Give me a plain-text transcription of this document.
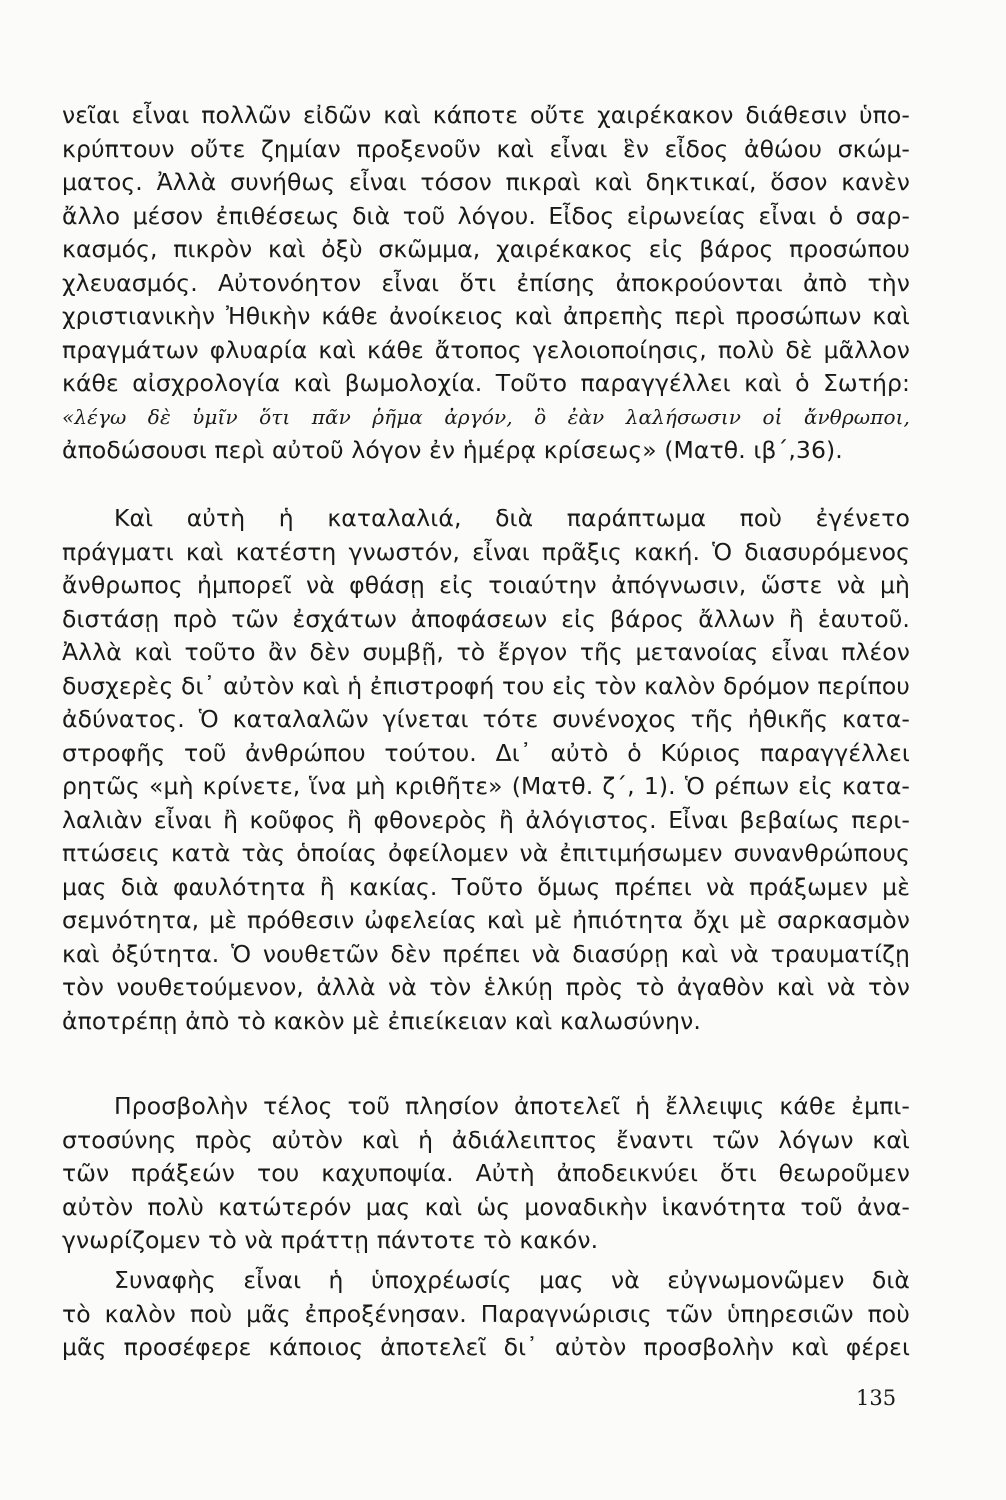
νεῖαι εἶναι πολλῶν εἰδῶν καὶ κάποτε οὔτε χαιρέκακον διάθεσιν ὑπο-
κρύπτουν οὔτε ζημίαν προξενοῦν καὶ εἶναι ἓν εἶδος ἀθώου σκώμ-
ματος. Ἀλλὰ συνήθως εἶναι τόσον πικραὶ καὶ δηκτικαί, ὅσον κανὲν
ἄλλο μέσον ἐπιθέσεως διὰ τοῦ λόγου. Εἶδος εἰρωνείας εἶναι ὁ σαρ-
κασμός, πικρὸν καὶ ὀξὺ σκῶμμα, χαιρέκακος εἰς βάρος προσώπου
χλευασμός. Αὐτονόητον εἶναι ὅτι ἐπίσης ἀποκρούονται ἀπὸ τὴν
χριστιανικὴν Ἠθικὴν κάθε ἀνοίκειος καὶ ἀπρεπὴς περὶ προσώπων καὶ
πραγμάτων φλυαρία καὶ κάθε ἄτοπος γελοιοποίησις, πολὺ δὲ μᾶλλον
κάθε αἰσχρολογία καὶ βωμολοχία. Τοῦτο παραγγέλλει καὶ ὁ Σωτήρ:
«λέγω δὲ ὑμῖν ὅτι πᾶν ῥῆμα ἀργόν, ὃ ἐὰν λαλήσωσιν οἱ ἄνθρωποι,
ἀποδώσουσι περὶ αὐτοῦ λόγον ἐν ἡμέρᾳ κρίσεως» (Ματθ. ιβ΄,36).
Καὶ αὐτὴ ἡ καταλαλιά, διὰ παράπτωμα ποὺ ἐγένετο
πράγματι καὶ κατέστη γνωστόν, εἶναι πρᾶξις κακή. Ὁ διασυρόμενος
ἄνθρωπος ἠμπορεῖ νὰ φθάσῃ εἰς τοιαύτην ἀπόγνωσιν, ὥστε νὰ μὴ
διστάσῃ πρὸ τῶν ἐσχάτων ἀποφάσεων εἰς βάρος ἄλλων ἢ ἑαυτοῦ.
Ἀλλὰ καὶ τοῦτο ἂν δὲν συμβῇ, τὸ ἔργον τῆς μετανοίας εἶναι πλέον
δυσχερὲς δι᾽ αὐτὸν καὶ ἡ ἐπιστροφή του εἰς τὸν καλὸν δρόμον περίπου
ἀδύνατος. Ὁ καταλαλῶν γίνεται τότε συνένοχος τῆς ἠθικῆς κατα-
στροφῆς τοῦ ἀνθρώπου τούτου. Δι᾽ αὐτὸ ὁ Κύριος παραγγέλλει
ρητῶς «μὴ κρίνετε, ἵνα μὴ κριθῆτε» (Ματθ. ζ΄, 1). Ὁ ρέπων εἰς κατα-
λαλιὰν εἶναι ἢ κοῦφος ἢ φθονερὸς ἢ ἀλόγιστος. Εἶναι βεβαίως περι-
πτώσεις κατὰ τὰς ὁποίας ὀφείλομεν νὰ ἐπιτιμήσωμεν συνανθρώπους
μας διὰ φαυλότητα ἢ κακίας. Τοῦτο ὅμως πρέπει νὰ πράξωμεν μὲ
σεμνότητα, μὲ πρόθεσιν ὠφελείας καὶ μὲ ἠπιότητα ὄχι μὲ σαρκασμὸν
καὶ ὀξύτητα. Ὁ νουθετῶν δὲν πρέπει νὰ διασύρῃ καὶ νὰ τραυματίζῃ
τὸν νουθετούμενον, ἀλλὰ νὰ τὸν ἑλκύῃ πρὸς τὸ ἀγαθὸν καὶ νὰ τὸν
ἀποτρέπῃ ἀπὸ τὸ κακὸν μὲ ἐπιείκειαν καὶ καλωσύνην.
Προσβολὴν τέλος τοῦ πλησίον ἀποτελεῖ ἡ ἔλλειψις κάθε ἐμπι-
στοσύνης πρὸς αὐτὸν καὶ ἡ ἀδιάλειπτος ἔναντι τῶν λόγων καὶ
τῶν πράξεών του καχυποψία. Αὐτὴ ἀποδεικνύει ὅτι θεωροῦμεν
αὐτὸν πολὺ κατώτερόν μας καὶ ὡς μοναδικὴν ἱκανότητα τοῦ ἀνα-
γνωρίζομεν τὸ νὰ πράττῃ πάντοτε τὸ κακόν.
Συναφὴς εἶναι ἡ ὑποχρέωσίς μας νὰ εὐγνωμονῶμεν διὰ
τὸ καλὸν ποὺ μᾶς ἐπροξένησαν. Παραγνώρισις τῶν ὑπηρεσιῶν ποὺ
μᾶς προσέφερε κάποιος ἀποτελεῖ δι᾽ αὐτὸν προσβολὴν καὶ φέρει
135
